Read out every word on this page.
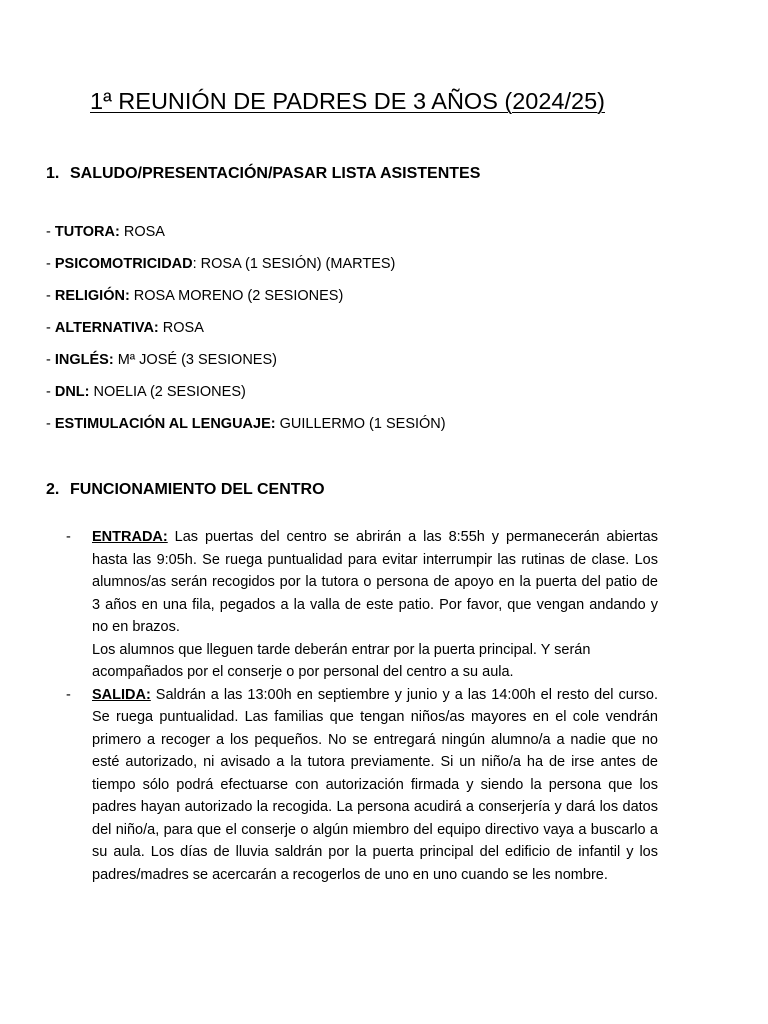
1ª REUNIÓN DE PADRES DE 3 AÑOS (2024/25)
1. SALUDO/PRESENTACIÓN/PASAR LISTA ASISTENTES
- TUTORA: ROSA
- PSICOMOTRICIDAD: ROSA (1 SESIÓN) (MARTES)
- RELIGIÓN: ROSA MORENO (2 SESIONES)
- ALTERNATIVA: ROSA
- INGLÉS: Mª JOSÉ (3 SESIONES)
- DNL: NOELIA (2 SESIONES)
- ESTIMULACIÓN AL LENGUAJE: GUILLERMO (1 SESIÓN)
2. FUNCIONAMIENTO DEL CENTRO
- ENTRADA: Las puertas del centro se abrirán a las 8:55h y permanecerán abiertas hasta las 9:05h. Se ruega puntualidad para evitar interrumpir las rutinas de clase. Los alumnos/as serán recogidos por la tutora o persona de apoyo en la puerta del patio de 3 años en una fila, pegados a la valla de este patio. Por favor, que vengan andando y no en brazos.

Los alumnos que lleguen tarde deberán entrar por la puerta principal. Y serán acompañados por el conserje o por personal del centro a su aula.

- SALIDA: Saldrán a las 13:00h en septiembre y junio y a las 14:00h el resto del curso. Se ruega puntualidad. Las familias que tengan niños/as mayores en el cole vendrán primero a recoger a los pequeños. No se entregará ningún alumno/a a nadie que no esté autorizado, ni avisado a la tutora previamente. Si un niño/a ha de irse antes de tiempo sólo podrá efectuarse con autorización firmada y siendo la persona que los padres hayan autorizado la recogida. La persona acudirá a conserjería y dará los datos del niño/a, para que el conserje o algún miembro del equipo directivo vaya a buscarlo a su aula. Los días de lluvia saldrán por la puerta principal del edificio de infantil y los padres/madres se acercarán a recogerlos de uno en uno cuando se les nombre.
